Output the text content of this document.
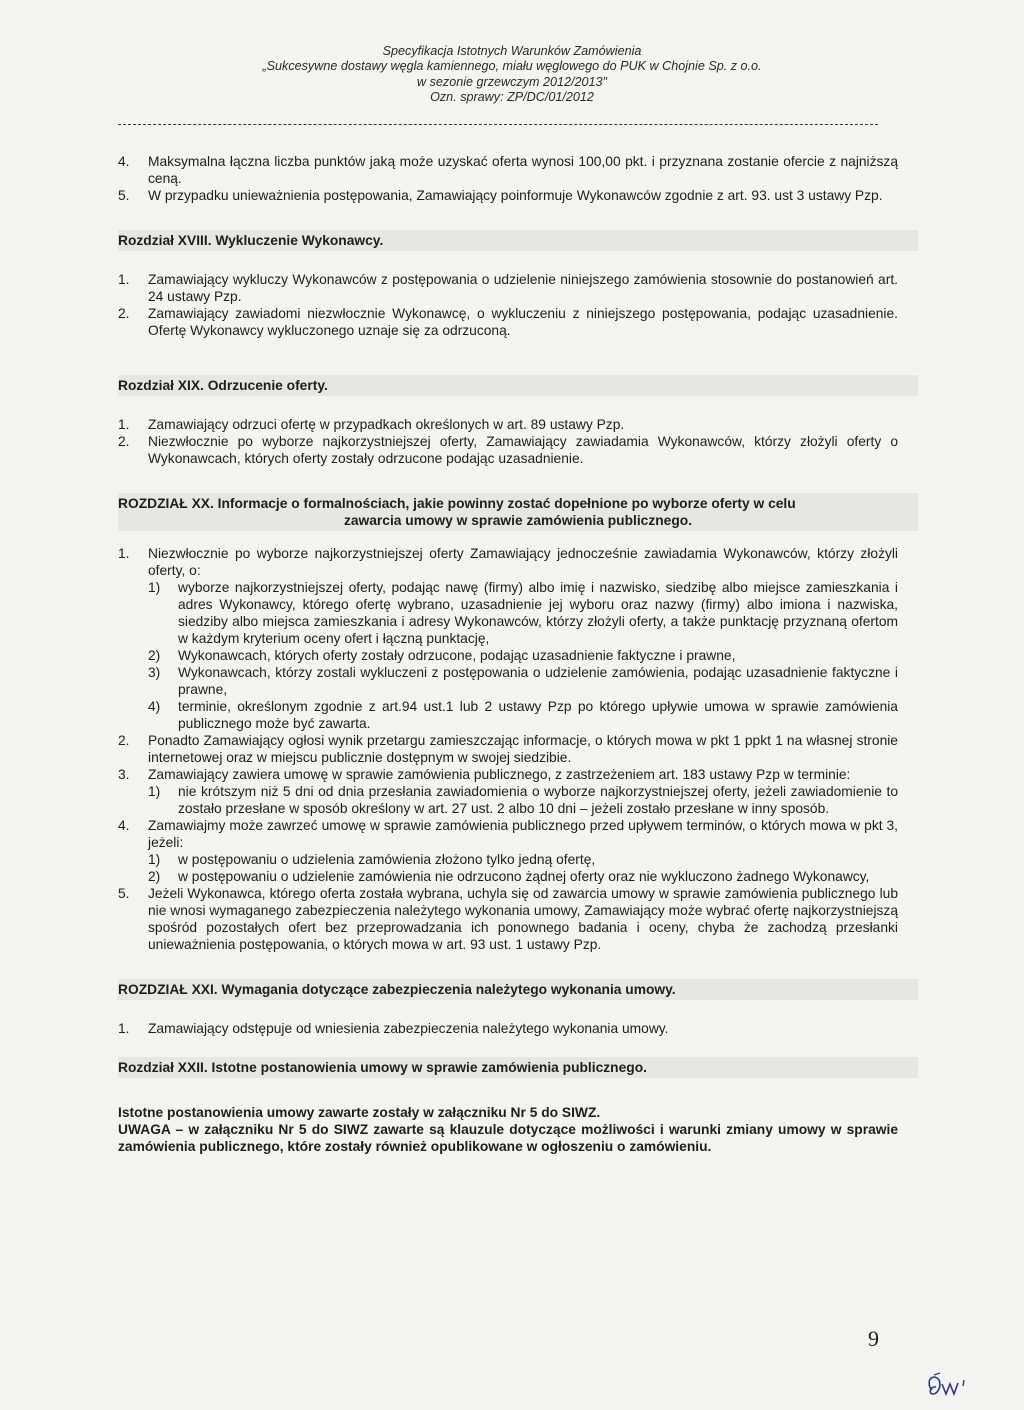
Specyfikacja Istotnych Warunków Zamówienia
„Sukcesywne dostawy węgla kamiennego, miału węglowego do PUK w Chojnie Sp. z o.o.
w sezonie grzewczym 2012/2013"
Ozn. sprawy: ZP/DC/01/2012
4. Maksymalna łączna liczba punktów jaką może uzyskać oferta wynosi 100,00 pkt. i przyznana zostanie ofercie z najniższą ceną.
5. W przypadku unieważnienia postępowania, Zamawiający poinformuje Wykonawców zgodnie z art. 93. ust 3 ustawy Pzp.
Rozdział XVIII. Wykluczenie Wykonawcy.
1. Zamawiający wykluczy Wykonawców z postępowania o udzielenie niniejszego zamówienia stosownie do postanowień art. 24 ustawy Pzp.
2. Zamawiający zawiadomi niezwłocznie Wykonawcę, o wykluczeniu z niniejszego postępowania, podając uzasadnienie. Ofertę Wykonawcy wykluczonego uznaje się za odrzuconą.
Rozdział XIX. Odrzucenie oferty.
1. Zamawiający odrzuci ofertę w przypadkach określonych w art. 89 ustawy Pzp.
2. Niezwłocznie po wyborze najkorzystniejszej oferty, Zamawiający zawiadamia Wykonawców, którzy złożyli oferty o Wykonawcach, których oferty zostały odrzucone podając uzasadnienie.
ROZDZIAŁ XX. Informacje o formalnościach, jakie powinny zostać dopełnione po wyborze oferty w celu
zawarcia umowy w sprawie zamówienia publicznego.
1. Niezwłocznie po wyborze najkorzystniejszej oferty Zamawiający jednocześnie zawiadamia Wykonawców, którzy złożyli oferty, o:
1) wyborze najkorzystniejszej oferty, podając nawę (firmy) albo imię i nazwisko, siedzibę albo miejsce zamieszkania i adres Wykonawcy, którego ofertę wybrano, uzasadnienie jej wyboru oraz nazwy (firmy) albo imiona i nazwiska, siedziby albo miejsca zamieszkania i adresy Wykonawców, którzy złożyli oferty, a także punktację przyznaną ofertom w każdym kryterium oceny ofert i łączną punktację,
2) Wykonawcach, których oferty zostały odrzucone, podając uzasadnienie faktyczne i prawne,
3) Wykonawcach, którzy zostali wykluczeni z postępowania o udzielenie zamówienia, podając uzasadnienie faktyczne i prawne,
4) terminie, określonym zgodnie z art.94 ust.1 lub 2 ustawy Pzp po którego upływie umowa w sprawie zamówienia publicznego może być zawarta.
2. Ponadto Zamawiający ogłosi wynik przetargu zamieszczając informacje, o których mowa w pkt 1 ppkt 1 na własnej stronie internetowej oraz w miejscu publicznie dostępnym w swojej siedzibie.
3. Zamawiający zawiera umowę w sprawie zamówienia publicznego, z zastrzeżeniem art. 183 ustawy Pzp w terminie:
1) nie krótszym niż 5 dni od dnia przesłania zawiadomienia o wyborze najkorzystniejszej oferty, jeżeli zawiadomienie to zostało przesłane w sposób określony w art. 27 ust. 2 albo 10 dni – jeżeli zostało przesłane w inny sposób.
4. Zamawiajmy może zawrzeć umowę w sprawie zamówienia publicznego przed upływem terminów, o których mowa w pkt 3, jeżeli:
1) w postępowaniu o udzielenia zamówienia złożono tylko jedną ofertę,
2) w postępowaniu o udzielenie zamówienia nie odrzucono żądnej oferty oraz nie wykluczono żadnego Wykonawcy,
5. Jeżeli Wykonawca, którego oferta została wybrana, uchyla się od zawarcia umowy w sprawie zamówienia publicznego lub nie wnosi wymaganego zabezpieczenia należytego wykonania umowy, Zamawiający może wybrać ofertę najkorzystniejszą spośród pozostałych ofert bez przeprowadzania ich ponownego badania i oceny, chyba że zachodzą przesłanki unieważnienia postępowania, o których mowa w art. 93 ust. 1 ustawy Pzp.
ROZDZIAŁ XXI. Wymagania dotyczące zabezpieczenia należytego wykonania umowy.
1. Zamawiający odstępuje od wniesienia zabezpieczenia należytego wykonania umowy.
Rozdział XXII. Istotne postanowienia umowy w sprawie zamówienia publicznego.
Istotne postanowienia umowy zawarte zostały w załączniku Nr 5 do SIWZ.
UWAGA – w załączniku Nr 5 do SIWZ zawarte są klauzule dotyczące możliwości i warunki zmiany umowy w sprawie zamówienia publicznego, które zostały również opublikowane w ogłoszeniu o zamówieniu.
9
